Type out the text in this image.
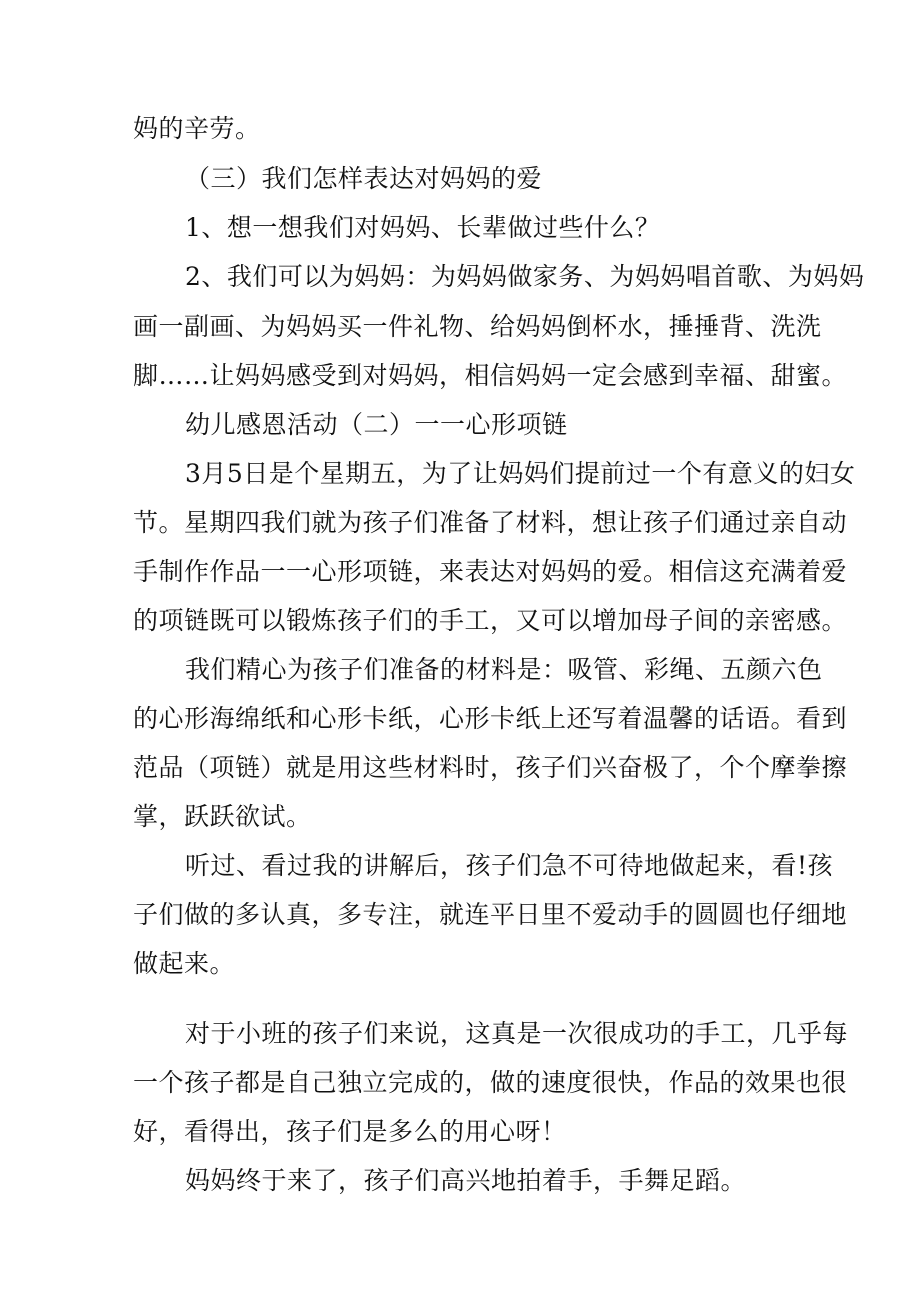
妈的辛劳。
（三）我们怎样表达对妈妈的爱
1、想一想我们对妈妈、长辈做过些什么？
2、我们可以为妈妈：为妈妈做家务、为妈妈唱首歌、为妈妈
画一副画、为妈妈买一件礼物、给妈妈倒杯水，捶捶背、洗洗
脚……让妈妈感受到对妈妈，相信妈妈一定会感到幸福、甜蜜。
幼儿感恩活动（二）一一心形项链
3月5日是个星期五，为了让妈妈们提前过一个有意义的妇女
节。星期四我们就为孩子们准备了材料，想让孩子们通过亲自动
手制作作品一一心形项链，来表达对妈妈的爱。相信这充满着爱
的项链既可以锻炼孩子们的手工，又可以增加母子间的亲密感。
我们精心为孩子们准备的材料是：吸管、彩绳、五颜六色
的心形海绵纸和心形卡纸，心形卡纸上还写着温馨的话语。看到
范品（项链）就是用这些材料时，孩子们兴奋极了，个个摩拳擦
掌，跃跃欲试。
听过、看过我的讲解后，孩子们急不可待地做起来，看!孩
子们做的多认真，多专注，就连平日里不爱动手的圆圆也仔细地
做起来。
对于小班的孩子们来说，这真是一次很成功的手工，几乎每
一个孩子都是自己独立完成的，做的速度很快，作品的效果也很
好，看得出，孩子们是多么的用心呀！
妈妈终于来了，孩子们高兴地拍着手，手舞足蹈。
